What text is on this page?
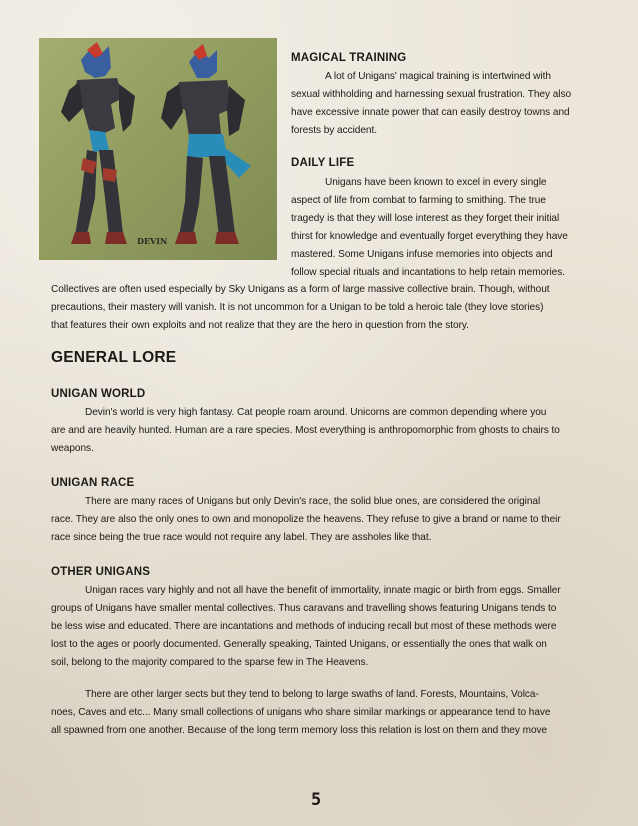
DEVIN
MAGICAL TRAINING
A lot of Unigans' magical training is intertwined with
sexual withholding and harnessing sexual frustration. They also
have excessive innate power that can easily destroy towns and
forests by accident.
DAILY LIFE
Unigans have been known to excel in every single
aspect of life from combat to farming to smithing. The true
tragedy is that they will lose interest as they forget their initial
thirst for knowledge and eventually forget everything they have
mastered. Some Unigans infuse memories into objects and
follow special rituals and incantations to help retain memories.
Collectives are often used especially by Sky Unigans as a form of large massive collective brain. Though, without
precautions, their mastery will vanish. It is not uncommon for a Unigan to be told a heroic tale (they love stories)
that features their own exploits and not realize that they are the hero in question from the story.
GENERAL LORE
UNIGAN WORLD
Devin's world is very high fantasy. Cat people roam around. Unicorns are common depending where you
are and are heavily hunted. Human are a rare species. Most everything is anthropomorphic from ghosts to chairs to
weapons.
UNIGAN RACE
There are many races of Unigans but only Devin's race, the solid blue ones, are considered the original
race. They are also the only ones to own and monopolize the heavens. They refuse to give a brand or name to their
race since being the true race would not require any label. They are assholes like that.
OTHER UNIGANS
Unigan races vary highly and not all have the benefit of immortality, innate magic or birth from eggs. Smaller
groups of Unigans have smaller mental collectives. Thus caravans and travelling shows featuring Unigans tends to
be less wise and educated. There are incantations and methods of inducing recall but most of these methods were
lost to the ages or poorly documented. Generally speaking, Tainted Unigans, or essentially the ones that walk on
soil, belong to the majority compared to the sparse few in The Heavens.
There are other larger sects but they tend to belong to large swaths of land. Forests, Mountains, Volca-
noes, Caves and etc... Many small collections of unigans who share similar markings or appearance tend to have
all spawned from one another. Because of the long term memory loss this relation is lost on them and they move
5
